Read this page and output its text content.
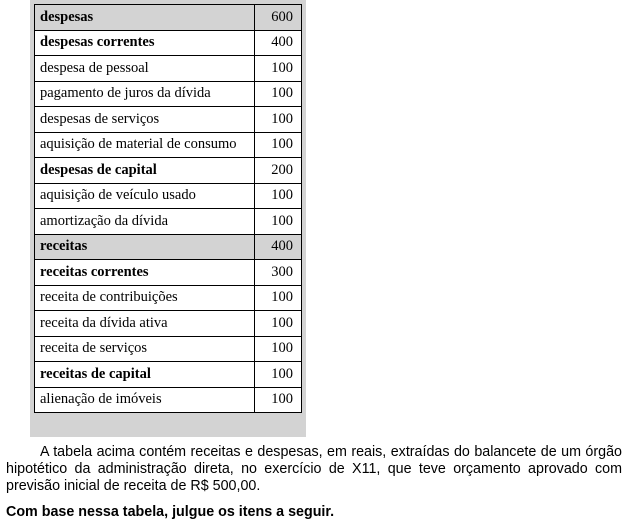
despesas	600
despesas correntes	400
despesa de pessoal	100
pagamento de juros da dívida	100
despesas de serviços	100
aquisição de material de consumo	100
despesas de capital	200
aquisição de veículo usado	100
amortização da dívida	100
receitas	400
receitas correntes	300
receita de contribuições	100
receita da dívida ativa	100
receita de serviços	100
receitas de capital	100
alienação de imóveis	100
A tabela acima contém receitas e despesas, em reais, extraídas do balancete de um órgão hipotético da administração direta, no exercício de X11, que teve orçamento aprovado com previsão inicial de receita de R$ 500,00.
Com base nessa tabela, julgue os itens a seguir.
